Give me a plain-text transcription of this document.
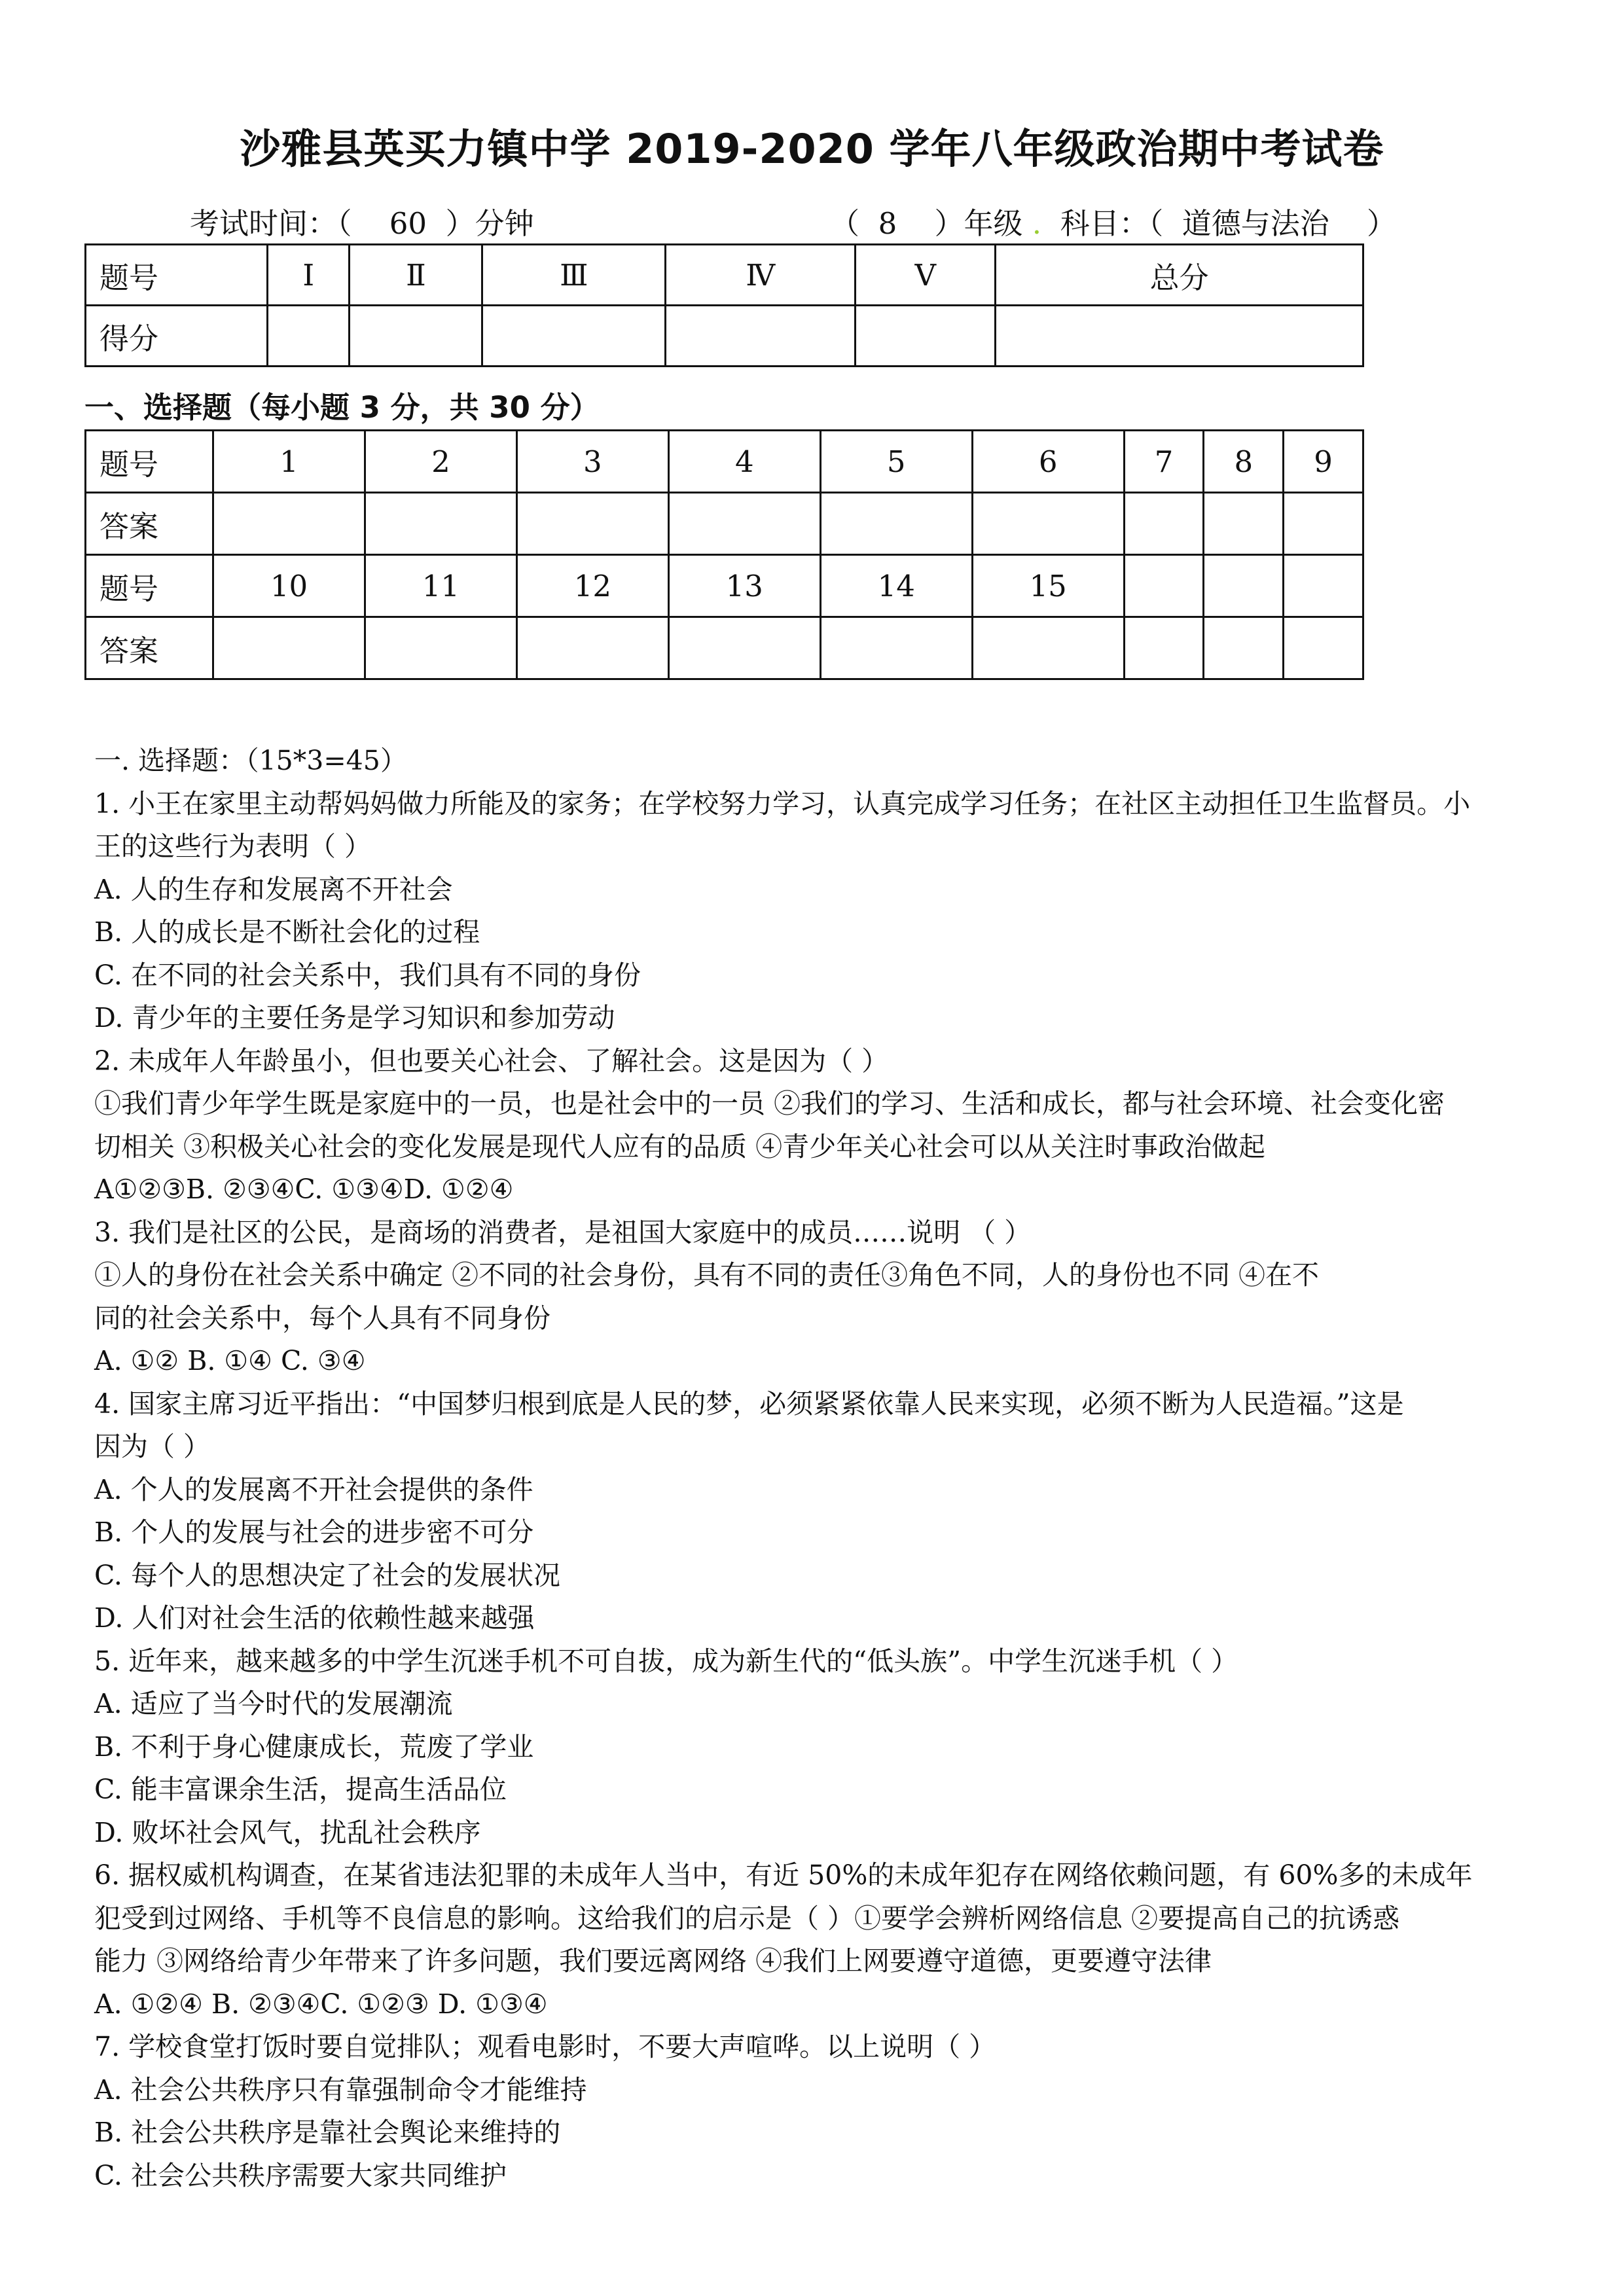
沙雅县英买力镇中学 2019-2020 学年八年级政治期中考试卷
考试时间：（    60  ）分钟	（  8    ）年级 . 科目：（  道德与法治    ）
题号	Ⅰ	Ⅱ	Ⅲ	Ⅳ	Ⅴ	总分
得分						
一、选择题（每小题 3 分，共 30 分）
题号	1	2	3	4	5	6	7	8	9
答案									
题号	10	11	12	13	14	15			
答案									

一. 选择题：（15*3=45）

1. 小王在家里主动帮妈妈做力所能及的家务；在学校努力学习，认真完成学习任务；在社区主动担任卫生监督员。小

王的这些行为表明（ ）

A. 人的生存和发展离不开社会

B. 人的成长是不断社会化的过程

C. 在不同的社会关系中，我们具有不同的身份

D. 青少年的主要任务是学习知识和参加劳动

2. 未成年人年龄虽小，但也要关心社会、了解社会。这是因为（ ）

①我们青少年学生既是家庭中的一员，也是社会中的一员 ②我们的学习、生活和成长，都与社会环境、社会变化密

切相关 ③积极关心社会的变化发展是现代人应有的品质 ④青少年关心社会可以从关注时事政治做起

A①②③B. ②③④C. ①③④D. ①②④

3. 我们是社区的公民，是商场的消费者，是祖国大家庭中的成员……说明 （ ）

①人的身份在社会关系中确定 ②不同的社会身份，具有不同的责任③角色不同，人的身份也不同 ④在不

同的社会关系中，每个人具有不同身份

A. ①② B. ①④ C. ③④

4. 国家主席习近平指出：“中国梦归根到底是人民的梦，必须紧紧依靠人民来实现，必须不断为人民造福。”这是

因为（ ）

A. 个人的发展离不开社会提供的条件

B. 个人的发展与社会的进步密不可分

C. 每个人的思想决定了社会的发展状况

D. 人们对社会生活的依赖性越来越强

5. 近年来，越来越多的中学生沉迷手机不可自拔，成为新生代的“低头族”。中学生沉迷手机（ ）

A. 适应了当今时代的发展潮流

B. 不利于身心健康成长，荒废了学业

C. 能丰富课余生活，提高生活品位

D. 败坏社会风气，扰乱社会秩序

6. 据权威机构调查，在某省违法犯罪的未成年人当中，有近 50%的未成年犯存在网络依赖问题，有 60%多的未成年

犯受到过网络、手机等不良信息的影响。这给我们的启示是（ ）①要学会辨析网络信息 ②要提高自己的抗诱惑

能力 ③网络给青少年带来了许多问题，我们要远离网络 ④我们上网要遵守道德，更要遵守法律

A. ①②④ B. ②③④C. ①②③ D. ①③④

7. 学校食堂打饭时要自觉排队；观看电影时，不要大声喧哗。以上说明（ ）

A. 社会公共秩序只有靠强制命令才能维持

B. 社会公共秩序是靠社会舆论来维持的

C. 社会公共秩序需要大家共同维护
